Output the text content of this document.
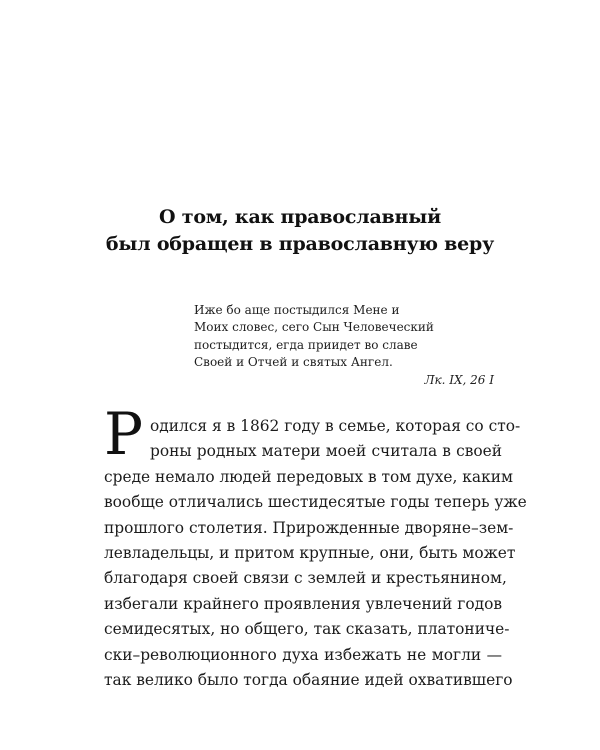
О том, как православный
был обращен в православную веру
Иже бо аще постыдился Мене и
Моих словес, сего Сын Человеческий
постыдится, егда приидет во славе
Своей и Отчей и святых Ангел.
Лк. IX, 26 I
Р одился я в 1862 году в семье, которая со сто-
роны родных матери моей считала в своей
среде немало людей передовых в том духе, каким
вообще отличались шестидесятые годы теперь уже
прошлого столетия. Прирожденные дворяне–зем-
левладельцы, и притом крупные, они, быть может
благодаря своей связи с землей и крестьянином,
избегали крайнего проявления увлечений годов
семидесятых, но общего, так сказать, платониче-
ски–революционного духа избежать не могли —
так велико было тогда обаяние идей охватившего
